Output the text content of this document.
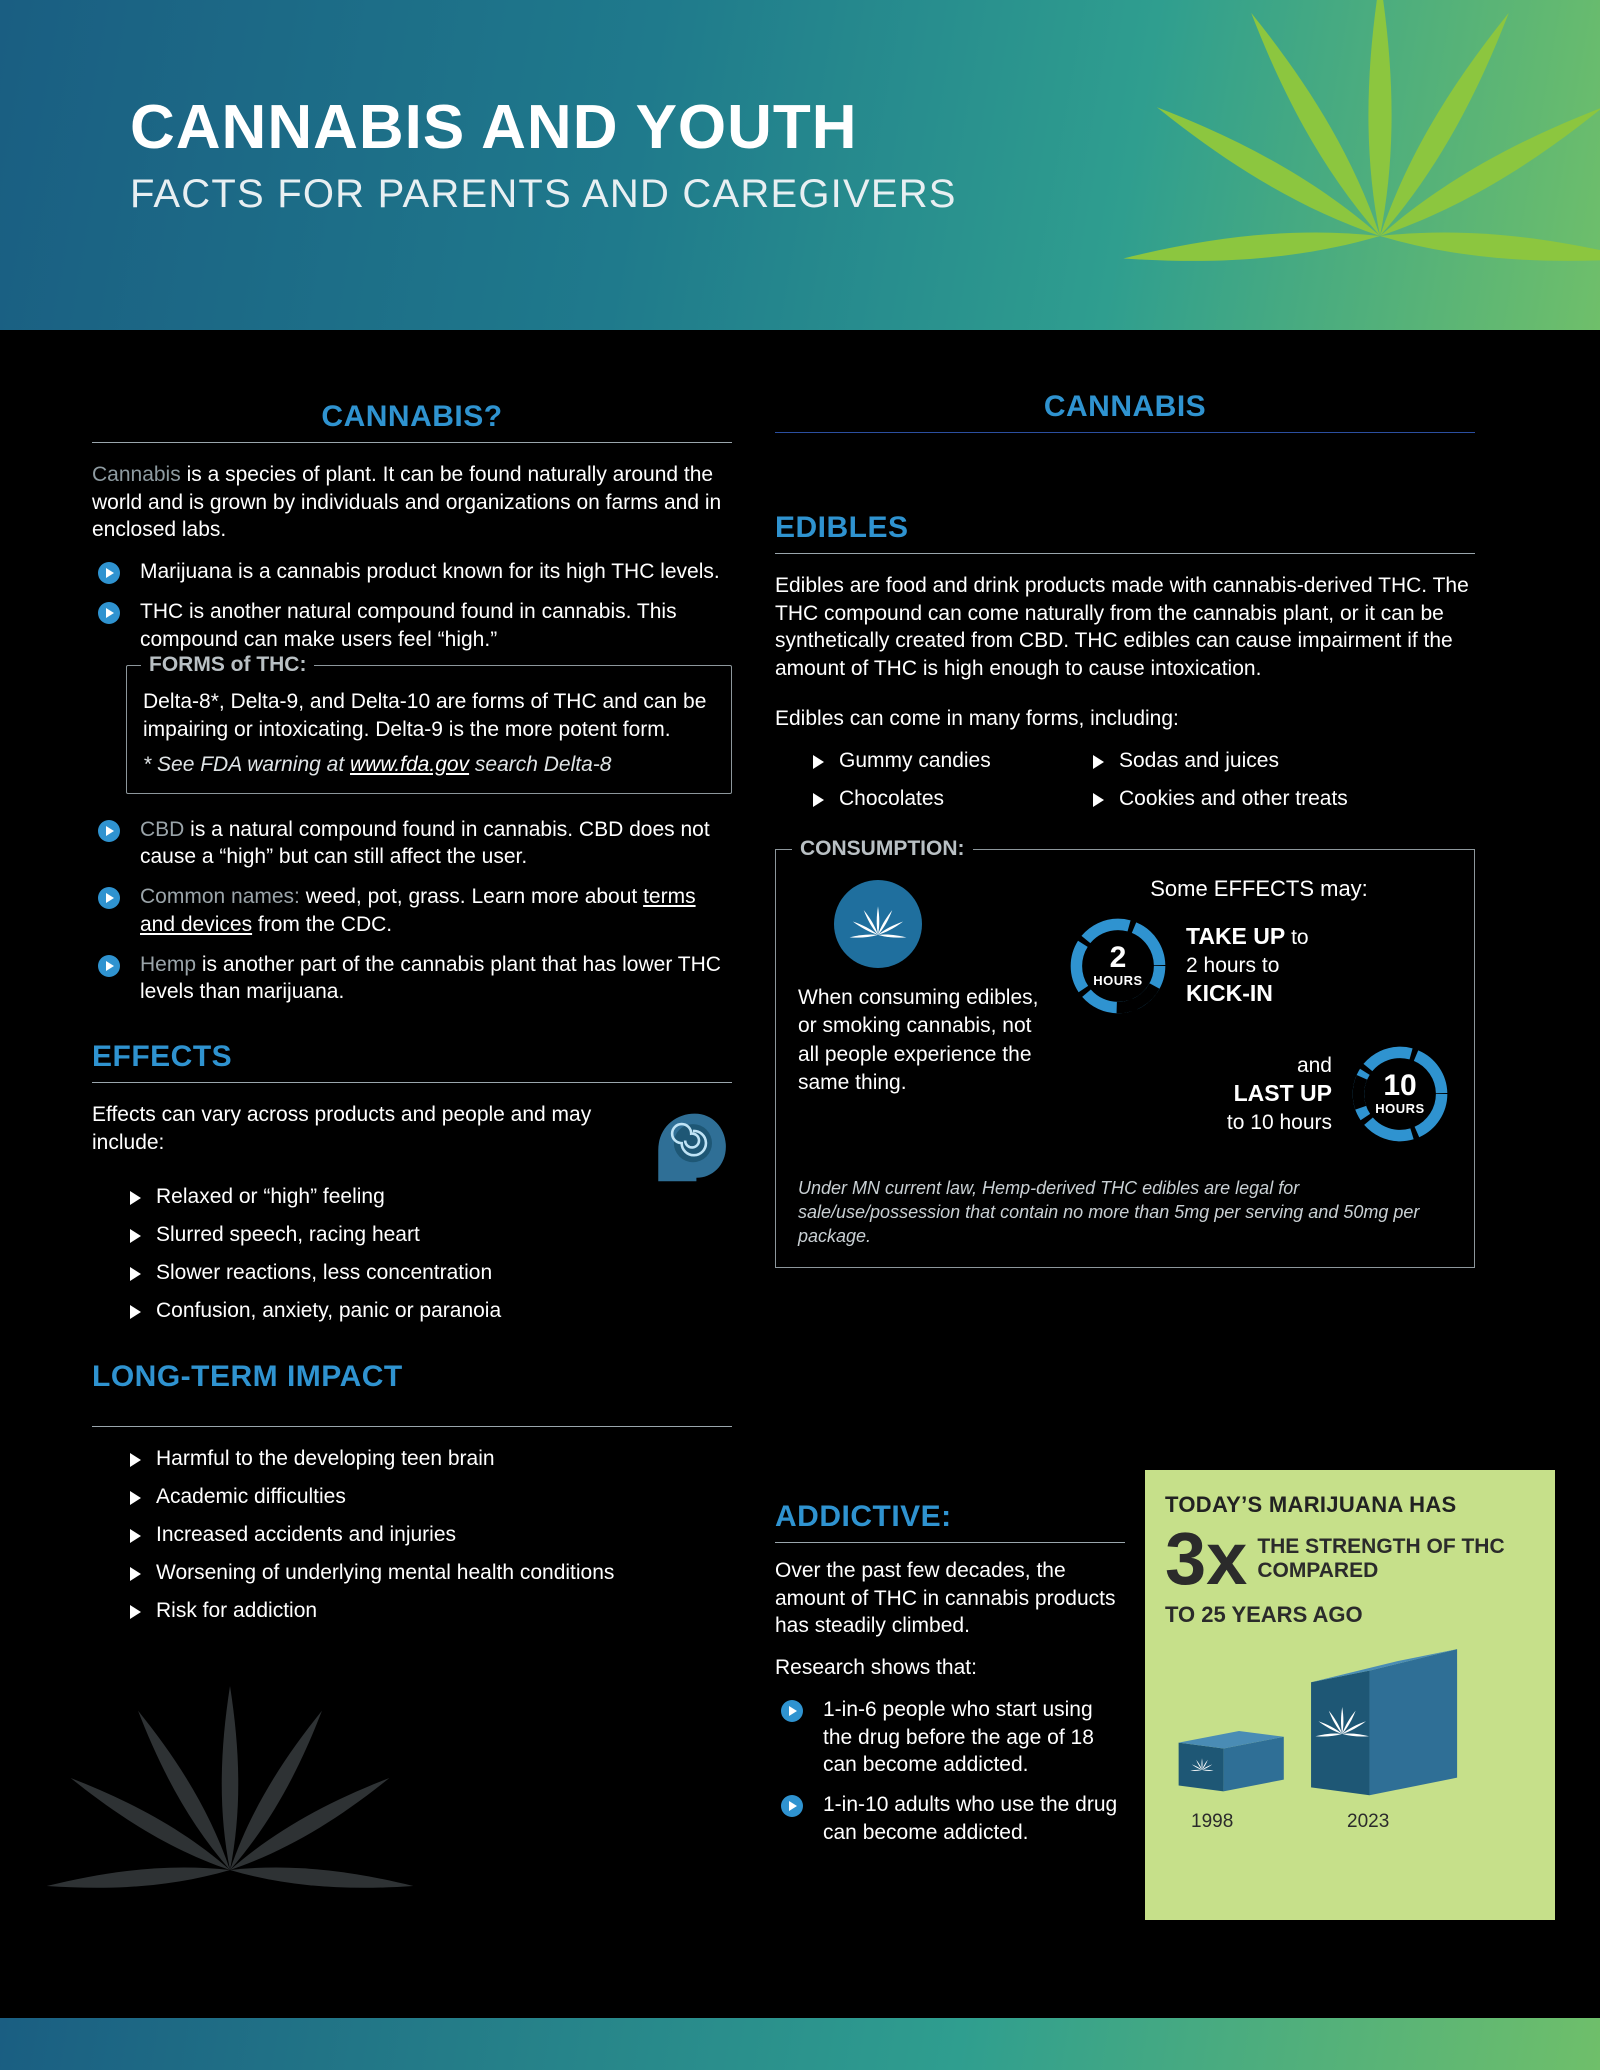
CANNABIS AND YOUTH
FACTS FOR PARENTS AND CAREGIVERS
CANNABIS?

Cannabis is a species of plant. It can be found naturally around the world and is grown by individuals and organizations on farms and in enclosed labs.

Marijuana is a cannabis product known for its high THC levels.
THC is another natural compound found in cannabis. This compound can make users feel “high.”
FORMS of THC:

Delta-8*, Delta-9, and Delta-10 are forms of THC and can be impairing or intoxicating. Delta-9 is the more potent form.

* See FDA warning at www.fda.gov search Delta-8

CBD is a natural compound found in cannabis. CBD does not cause a “high” but can still affect the user.
Common names: weed, pot, grass. Learn more about terms and devices from the CDC.
Hemp is another part of the cannabis plant that has lower THC levels than marijuana.
EFFECTS

Effects can vary across products and people and may include:

Relaxed or “high” feeling
Slurred speech, racing heart
Slower reactions, less concentration
Confusion, anxiety, panic or paranoia
LONG-TERM IMPACT
Harmful to the developing teen brain
Academic difficulties
Increased accidents and injuries
Worsening of underlying mental health conditions
Risk for addiction
CANNABIS
EDIBLES

Edibles are food and drink products made with cannabis-derived THC. The THC compound can come naturally from the cannabis plant, or it can be synthetically created from CBD. THC edibles can cause impairment if the amount of THC is high enough to cause intoxication.

Edibles can come in many forms, including:

Gummy candies
Chocolates
Sodas and juices
Cookies and other treats
CONSUMPTION:

When consuming edibles, or smoking cannabis, not all people experience the same thing.

Some EFFECTS may:

2
HOURS
TAKE UP to
2 hours to
KICK-IN
and
LAST UP
to 10 hours
10
HOURS

Under MN current law, Hemp-derived THC edibles are legal for sale/use/possession that contain no more than 5mg per serving and 50mg per package.

ADDICTIVE:

Over the past few decades, the amount of THC in cannabis products has steadily climbed.

Research shows that:

1-in-6 people who start using the drug before the age of 18 can become addicted.
1-in-10 adults who use the drug can become addicted.
TODAY’S MARIJUANA HAS
3x THE STRENGTH OF THC COMPARED
TO 25 YEARS AGO
1998	2023
